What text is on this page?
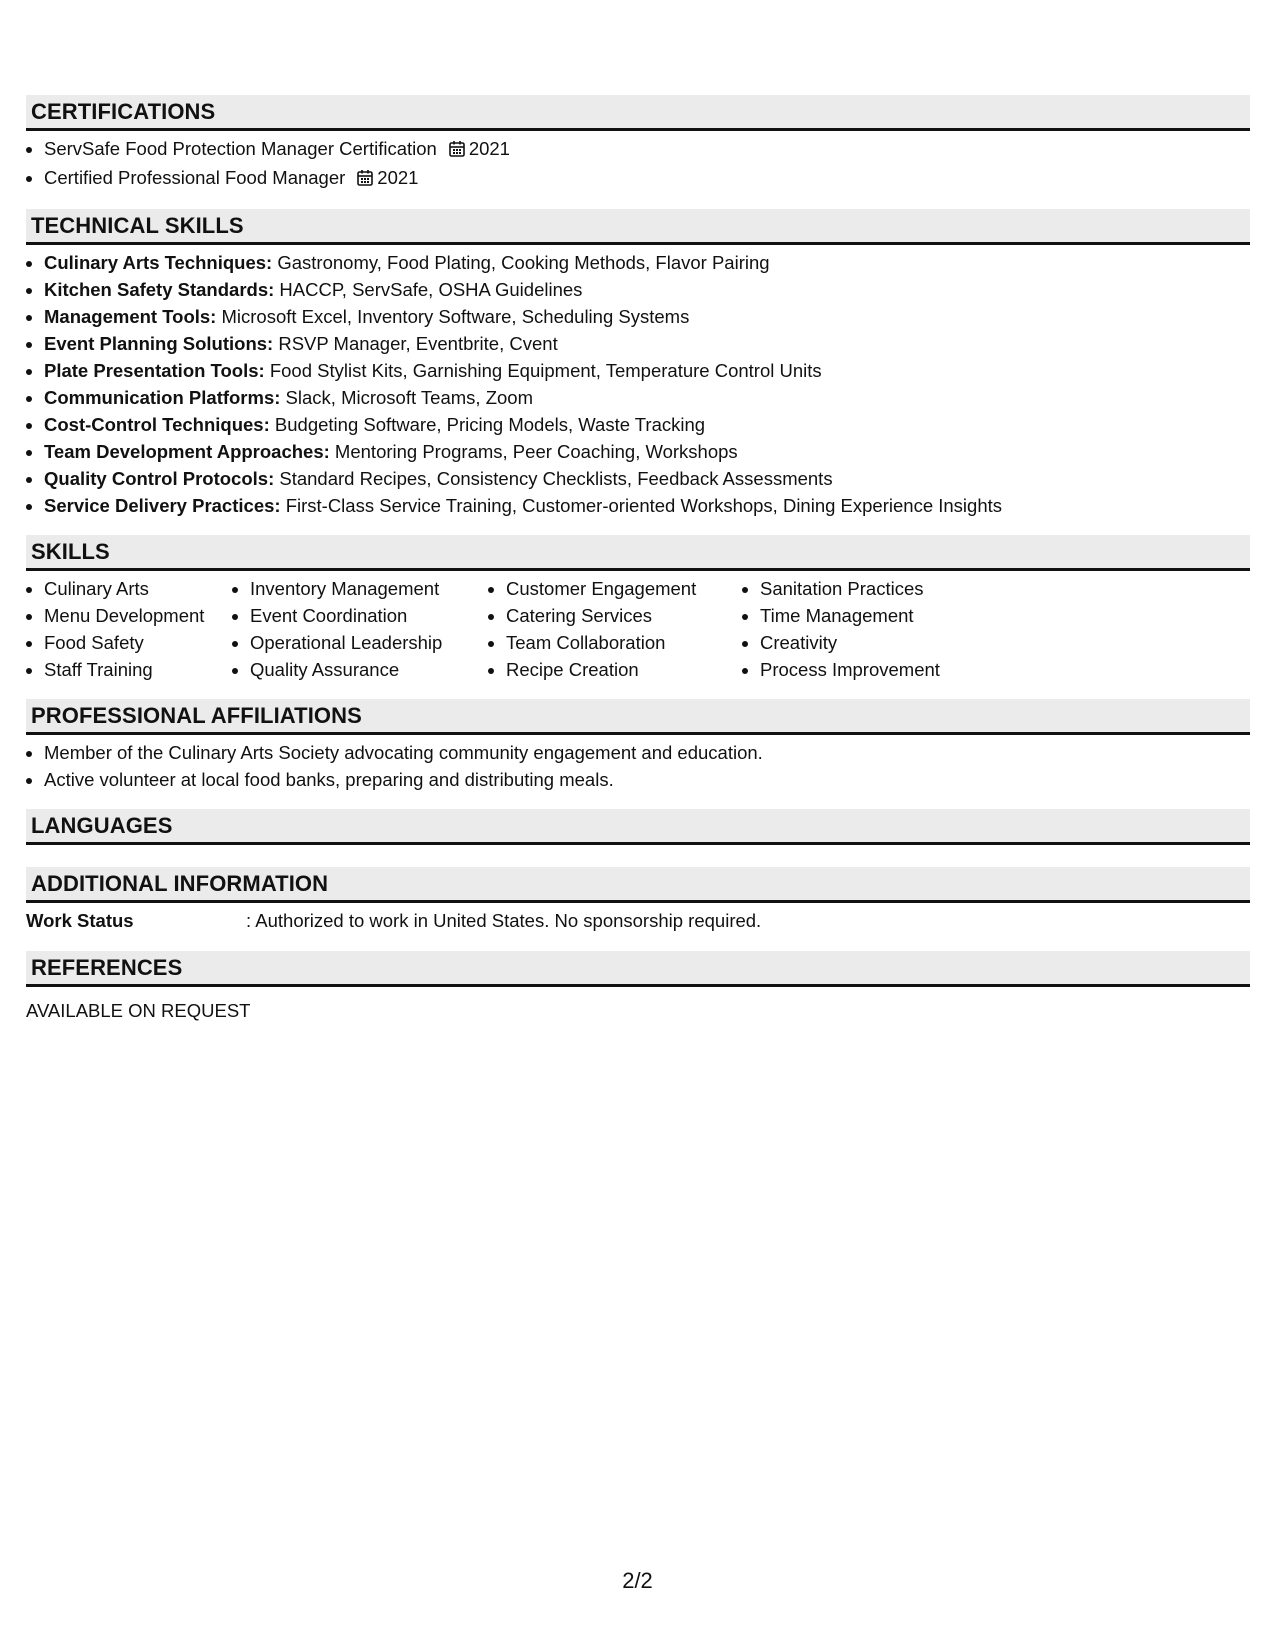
CERTIFICATIONS
• ServSafe Food Protection Manager Certification 2021
• Certified Professional Food Manager 2021
TECHNICAL SKILLS
• Culinary Arts Techniques: Gastronomy, Food Plating, Cooking Methods, Flavor Pairing
• Kitchen Safety Standards: HACCP, ServSafe, OSHA Guidelines
• Management Tools: Microsoft Excel, Inventory Software, Scheduling Systems
• Event Planning Solutions: RSVP Manager, Eventbrite, Cvent
• Plate Presentation Tools: Food Stylist Kits, Garnishing Equipment, Temperature Control Units
• Communication Platforms: Slack, Microsoft Teams, Zoom
• Cost-Control Techniques: Budgeting Software, Pricing Models, Waste Tracking
• Team Development Approaches: Mentoring Programs, Peer Coaching, Workshops
• Quality Control Protocols: Standard Recipes, Consistency Checklists, Feedback Assessments
• Service Delivery Practices: First-Class Service Training, Customer-oriented Workshops, Dining Experience Insights
SKILLS
• Culinary Arts
• Menu Development
• Food Safety
• Staff Training
• Inventory Management
• Event Coordination
• Operational Leadership
• Quality Assurance
• Customer Engagement
• Catering Services
• Team Collaboration
• Recipe Creation
• Sanitation Practices
• Time Management
• Creativity
• Process Improvement
PROFESSIONAL AFFILIATIONS
• Member of the Culinary Arts Society advocating community engagement and education.
• Active volunteer at local food banks, preparing and distributing meals.
LANGUAGES
ADDITIONAL INFORMATION
Work Status	: Authorized to work in United States. No sponsorship required.
REFERENCES
AVAILABLE ON REQUEST
2/2
